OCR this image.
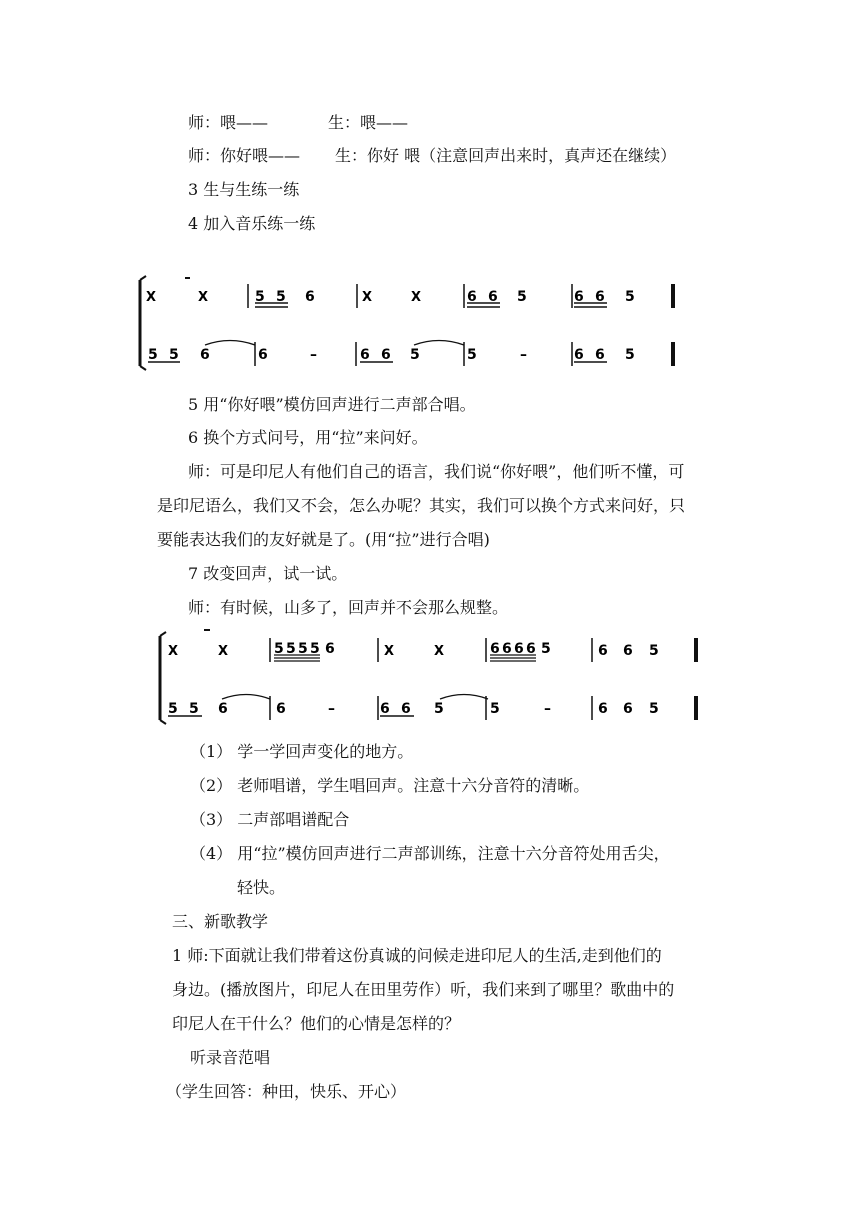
师：喂——	生：喂——
师：你好喂—— 生：你好 喂（注意回声出来时，真声还在继续）
3 生与生练一练
4 加入音乐练一练
X	X	5 5 6	X	X	6 6 5	6 6 5
5 5 6	6	–	6 6 5	5	–	6 6 5
5 用“你好喂”模仿回声进行二声部合唱。
6 换个方式问号，用“拉”来问好。
师：可是印尼人有他们自己的语言，我们说“你好喂”，他们听不懂，可
是印尼语么，我们又不会，怎么办呢？其实，我们可以换个方式来问好，只
要能表达我们的友好就是了。(用“拉”进行合唱)
7 改变回声，试一试。
师：有时候，山多了，回声并不会那么规整。
X	X	5 5 5 5 6	X	X	6 6 6 6 5	6 6 5
5 5 6	6	–	6 6 5	5	–	6 6 5
（1） 学一学回声变化的地方。
（2） 老师唱谱，学生唱回声。注意十六分音符的清晰。
（3） 二声部唱谱配合
（4） 用“拉”模仿回声进行二声部训练，注意十六分音符处用舌尖，
轻快。
三、新歌教学
1 师:下面就让我们带着这份真诚的问候走进印尼人的生活,走到他们的
身边。(播放图片，印尼人在田里劳作）听，我们来到了哪里？歌曲中的
印尼人在干什么？他们的心情是怎样的？
听录音范唱
（学生回答：种田，快乐、开心）
